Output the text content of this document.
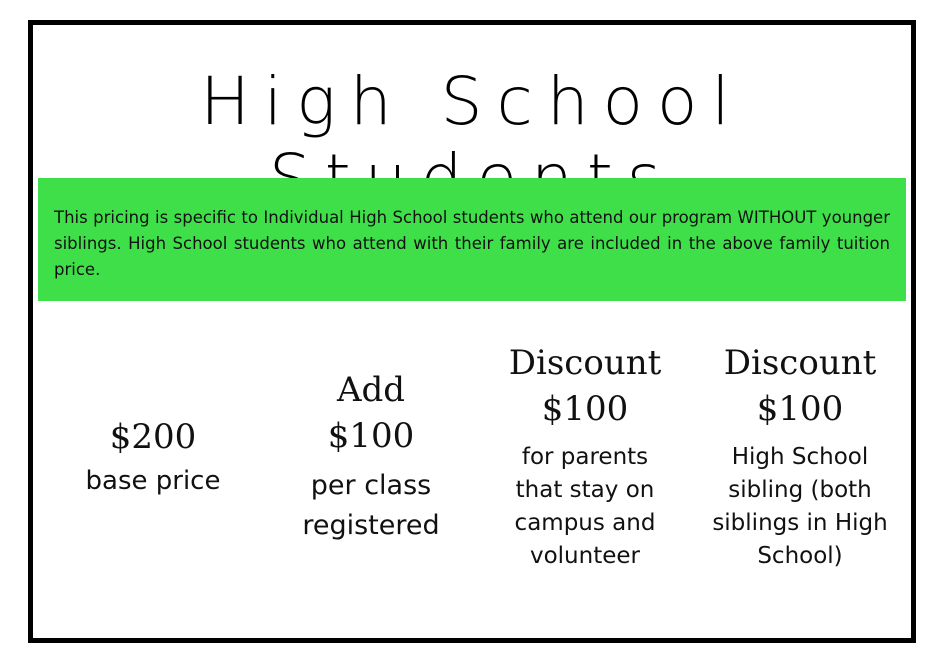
High School

This pricing is specific to Individual High School students who attend our program WITHOUT younger siblings. High School students who attend with their family are included in the above family tuition price.

$200
base price
Add
$100
per class registered
Discount
$100
for parents that stay on campus and volunteer
Discount
$100
High School sibling (both siblings in High School)
